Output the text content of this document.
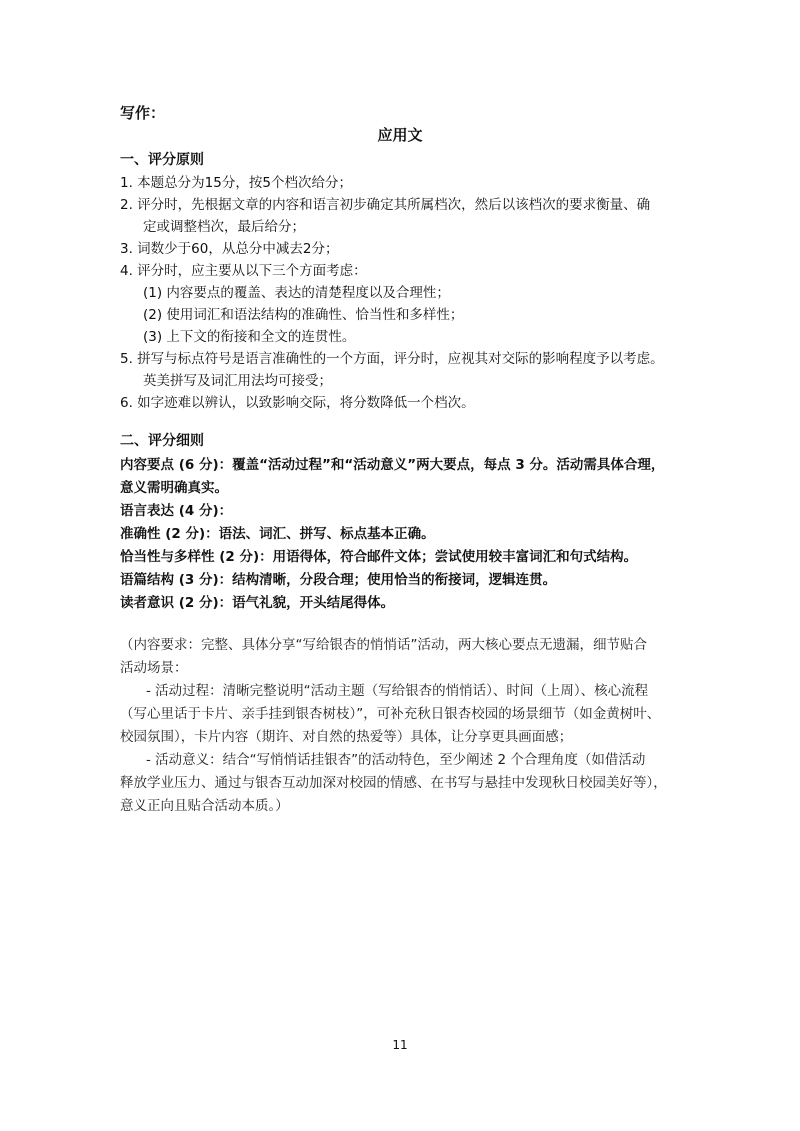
写作：
应用文
一、评分原则
1. 本题总分为15分，按5个档次给分；
2. 评分时，先根据文章的内容和语言初步确定其所属档次，然后以该档次的要求衡量、确
定或调整档次，最后给分；
3. 词数少于60，从总分中减去2分；
4. 评分时，应主要从以下三个方面考虑：
(1) 内容要点的覆盖、表达的清楚程度以及合理性；
(2) 使用词汇和语法结构的准确性、恰当性和多样性；
(3) 上下文的衔接和全文的连贯性。
5. 拼写与标点符号是语言准确性的一个方面，评分时，应视其对交际的影响程度予以考虑。
英美拼写及词汇用法均可接受；
6. 如字迹难以辨认，以致影响交际，将分数降低一个档次。
二、评分细则
内容要点 (6 分)：覆盖“活动过程”和“活动意义”两大要点，每点 3 分。活动需具体合理，
意义需明确真实。
语言表达 (4 分)：
准确性 (2 分)：语法、词汇、拼写、标点基本正确。
恰当性与多样性 (2 分)：用语得体，符合邮件文体；尝试使用较丰富词汇和句式结构。
语篇结构 (3 分)：结构清晰，分段合理；使用恰当的衔接词，逻辑连贯。
读者意识 (2 分)：语气礼貌，开头结尾得体。
（内容要求：完整、具体分享“写给银杏的悄悄话”活动，两大核心要点无遗漏，细节贴合
活动场景：
- 活动过程：清晰完整说明“活动主题（写给银杏的悄悄话）、时间（上周）、核心流程
（写心里话于卡片、亲手挂到银杏树枝）”，可补充秋日银杏校园的场景细节（如金黄树叶、
校园氛围），卡片内容（期许、对自然的热爱等）具体，让分享更具画面感；
- 活动意义：结合“写悄悄话挂银杏”的活动特色，至少阐述 2 个合理角度（如借活动
释放学业压力、通过与银杏互动加深对校园的情感、在书写与悬挂中发现秋日校园美好等），
意义正向且贴合活动本质。）
11
